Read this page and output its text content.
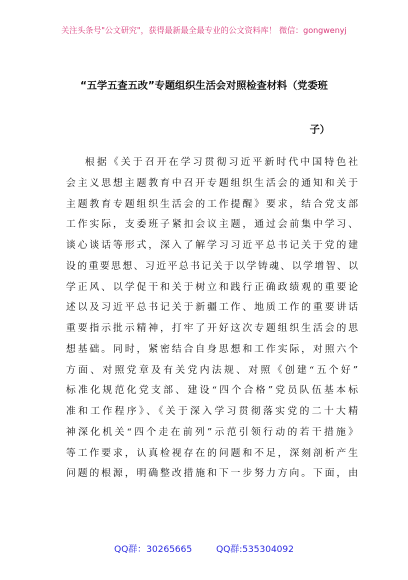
关注头条号"公文研究"，获得最新最全最专业的公文资料库！ 微信：gongwenyj
“五学五查五改”专题组织生活会对照检查材料（党委班
子）
根据《关于召开在学习贯彻习近平新时代中国特色社
会主义思想主题教育中召开专题组织生活会的通知和关于
主题教育专题组织生活会的工作提醒》要求，结合党支部
工作实际，支委班子紧扣会议主题，通过会前集中学习、
谈心谈话等形式，深入了解学习习近平总书记关于党的建
设的重要思想、习近平总书记关于以学铸魂、以学增智、以
学正风、以学促干和关于树立和践行正确政绩观的重要论
述以及习近平总书记关于新疆工作、地质工作的重要讲话
重要指示批示精神，打牢了开好这次专题组织生活会的思
想基础。同时，紧密结合自身思想和工作实际，对照六个
方面、对照党章及有关党内法规、对照《创建“五个好”
标准化规范化党支部、建设“四个合格”党员队伍基本标
准和工作程序》、《关于深入学习贯彻落实党的二十大精
神深化机关“四个走在前列”示范引领行动的若干措施》
等工作要求，认真检视存在的问题和不足，深刻剖析产生
问题的根源，明确整改措施和下一步努力方向。下面，由
QQ群：30265665	QQ群:535304092
